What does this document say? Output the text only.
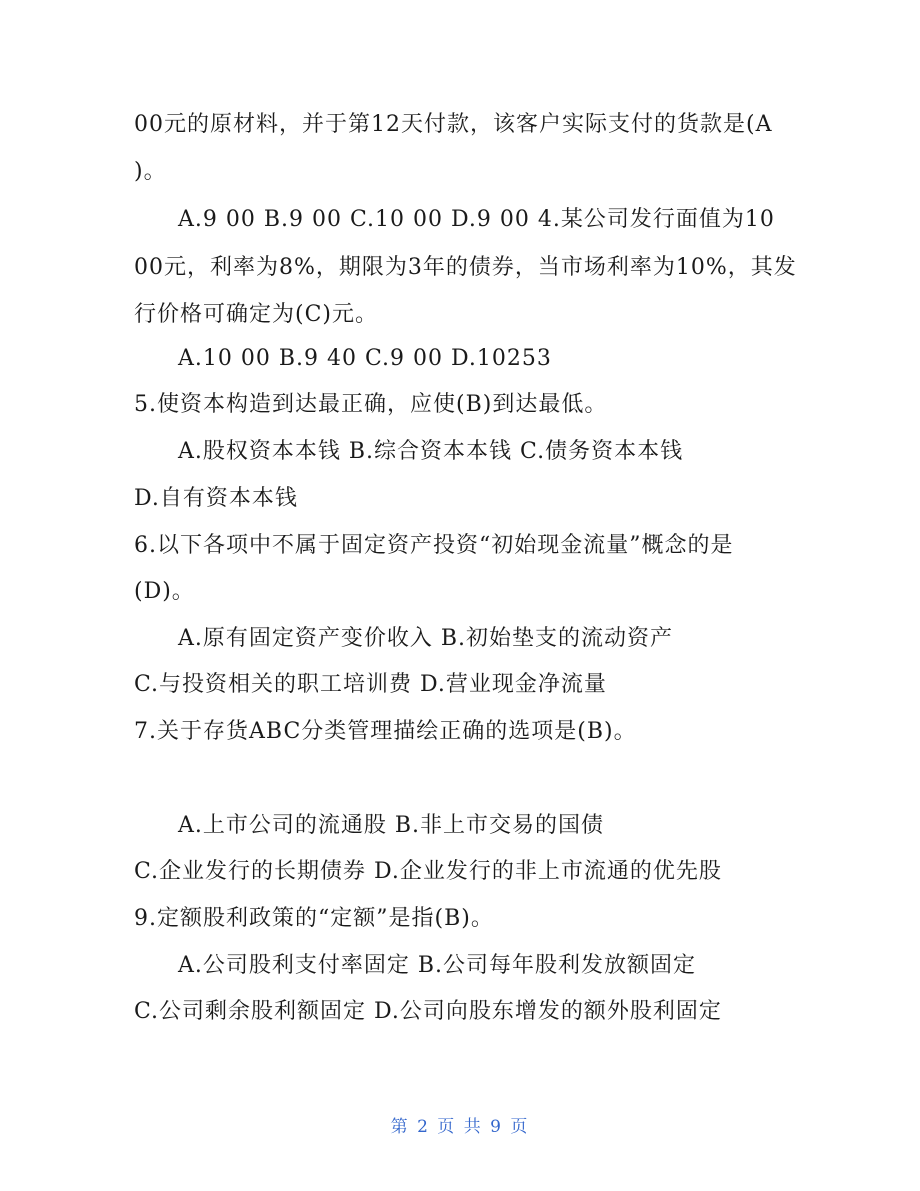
00元的原材料，并于第12天付款，该客户实际支付的货款是(A
)。
A.9 00 B.9 00 C.10 00 D.9 00 4.某公司发行面值为10
00元，利率为8%，期限为3年的债券，当市场利率为10%，其发
行价格可确定为(C)元。
A.10 00 B.9 40 C.9 00 D.10253
5.使资本构造到达最正确，应使(B)到达最低。
A.股权资本本钱 B.综合资本本钱 C.债务资本本钱
D.自有资本本钱
6.以下各项中不属于固定资产投资“初始现金流量”概念的是
(D)。
A.原有固定资产变价收入 B.初始垫支的流动资产
C.与投资相关的职工培训费 D.营业现金净流量
7.关于存货ABC分类管理描绘正确的选项是(B)。
A.上市公司的流通股 B.非上市交易的国债
C.企业发行的长期债券 D.企业发行的非上市流通的优先股
9.定额股利政策的“定额”是指(B)。
A.公司股利支付率固定 B.公司每年股利发放额固定
C.公司剩余股利额固定 D.公司向股东增发的额外股利固定
第 2 页 共 9 页
